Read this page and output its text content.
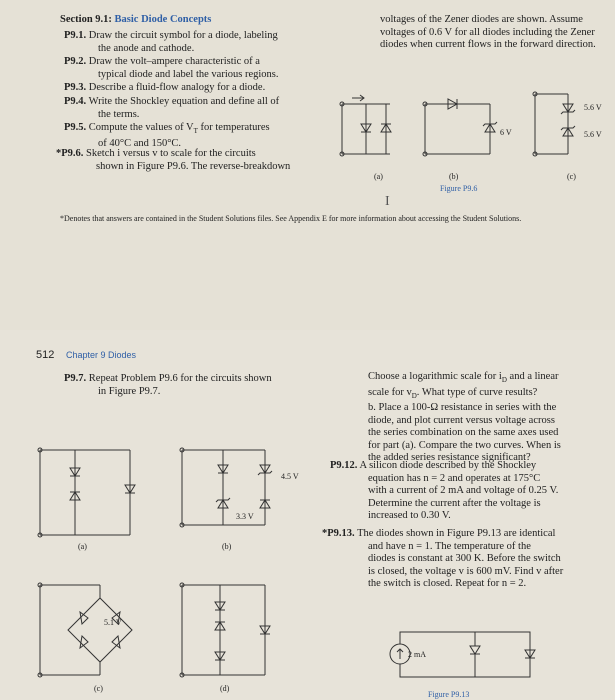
Section 9.1: Basic Diode Concepts
P9.1. Draw the circuit symbol for a diode, labeling
the anode and cathode.
P9.2. Draw the volt–ampere characteristic of a
typical diode and label the various regions.
P9.3. Describe a fluid-flow analogy for a diode.
P9.4. Write the Shockley equation and define all of
the terms.
P9.5. Compute the values of $V_T$ for temperatures
of 40°C and 150°C.
*P9.6. Sketch i versus v to scale for the circuits
shown in Figure P9.6. The reverse-breakdown
voltages of the Zener diodes are shown. Assume voltages of 0.6 V for all diodes including the Zener diodes when current flows in the forward direction.
(a)	(b)	(c)
6 V
5.6 V
5.6 V
Figure P9.6
I
*Denotes that answers are contained in the Student Solutions files. See Appendix E for more information about accessing the Student Solutions.
512 Chapter 9 Diodes
P9.7. Repeat Problem P9.6 for the circuits shown
in Figure P9.7.
Choose a logarithmic scale for $i_D$ and a linear
scale for $v_D$. What type of curve results?
b. Place a 100-Ω resistance in series with the
diode, and plot current versus voltage across
the series combination on the same axes used
for part (a). Compare the two curves. When is
the added series resistance significant?
P9.12. A silicon diode described by the Shockley
equation has n = 2 and operates at 175°C
with a current of 2 mA and voltage of 0.25 V.
Determine the current after the voltage is
increased to 0.30 V.
*P9.13. The diodes shown in Figure P9.13 are identical
and have n = 1. The temperature of the
diodes is constant at 300 K. Before the switch
is closed, the voltage v is 600 mV. Find v after
the switch is closed. Repeat for n = 2.
(a)	(b)
(c)	(d)
4.5 V
3.3 V
5.1 V
2 mA
Figure P9.13
